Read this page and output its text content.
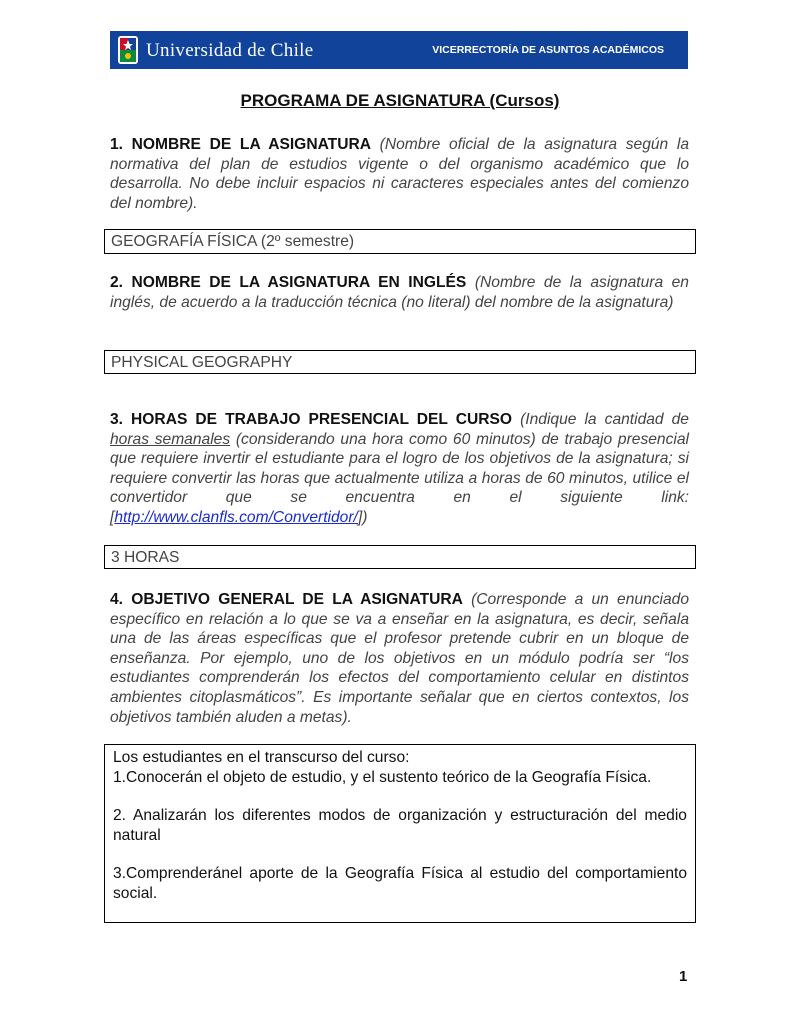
Universidad de Chile	VICERRECTORÍA DE ASUNTOS ACADÉMICOS
PROGRAMA DE ASIGNATURA (Cursos)
1. NOMBRE DE LA ASIGNATURA (Nombre oficial de la asignatura según la normativa del plan de estudios vigente o del organismo académico que lo desarrolla. No debe incluir espacios ni caracteres especiales antes del comienzo del nombre).
GEOGRAFÍA FÍSICA (2º semestre)
2. NOMBRE DE LA ASIGNATURA EN INGLÉS (Nombre de la asignatura en inglés, de acuerdo a la traducción técnica (no literal) del nombre de la asignatura)
PHYSICAL GEOGRAPHY
3. HORAS DE TRABAJO PRESENCIAL DEL CURSO (Indique la cantidad de horas semanales (considerando una hora como 60 minutos) de trabajo presencial que requiere invertir el estudiante para el logro de los objetivos de la asignatura; si requiere convertir las horas que actualmente utiliza a horas de 60 minutos, utilice el convertidor que se encuentra en el siguiente link: [http://www.clanfls.com/Convertidor/])
3 HORAS
4. OBJETIVO GENERAL DE LA ASIGNATURA (Corresponde a un enunciado específico en relación a lo que se va a enseñar en la asignatura, es decir, señala una de las áreas específicas que el profesor pretende cubrir en un bloque de enseñanza. Por ejemplo, uno de los objetivos en un módulo podría ser “los estudiantes comprenderán los efectos del comportamiento celular en distintos ambientes citoplasmáticos”. Es importante señalar que en ciertos contextos, los objetivos también aluden a metas).

Los estudiantes en el transcurso del curso:

1.Conocerán el objeto de estudio, y el sustento teórico de la Geografía Física.

2. Analizarán los diferentes modos de organización y estructuración del medio natural

3.Comprenderánel aporte de la Geografía Física al estudio del comportamiento social.

1
